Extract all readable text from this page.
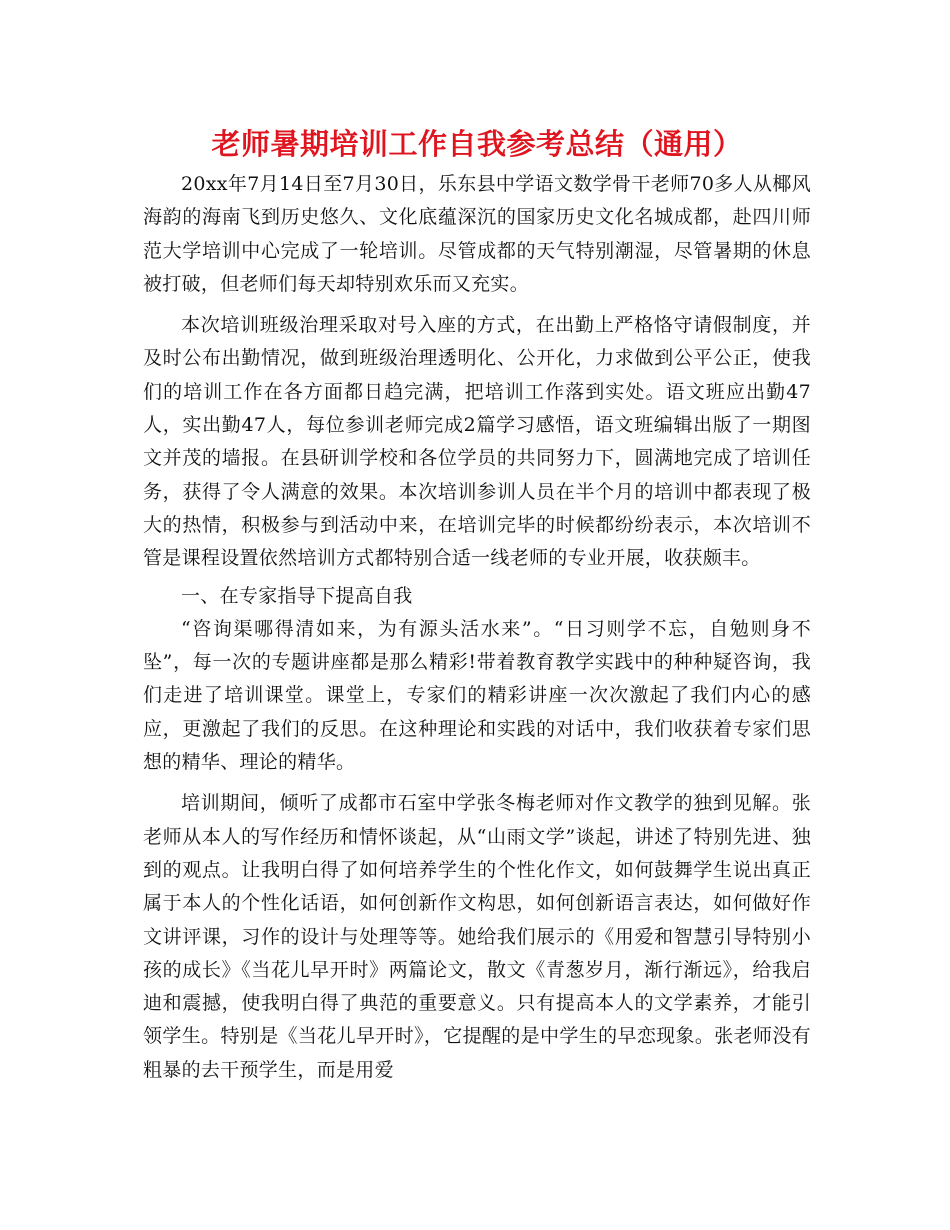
老师暑期培训工作自我参考总结（通用）

20xx年7月14日至7月30日，乐东县中学语文数学骨干老师70多人从椰风海韵的海南飞到历史悠久、文化底蕴深沉的国家历史文化名城成都，赴四川师范大学培训中心完成了一轮培训。尽管成都的天气特别潮湿，尽管暑期的休息被打破，但老师们每天却特别欢乐而又充实。

本次培训班级治理采取对号入座的方式，在出勤上严格恪守请假制度，并及时公布出勤情况，做到班级治理透明化、公开化，力求做到公平公正，使我们的培训工作在各方面都日趋完满，把培训工作落到实处。语文班应出勤47人，实出勤47人，每位参训老师完成2篇学习感悟，语文班编辑出版了一期图文并茂的墙报。在县研训学校和各位学员的共同努力下，圆满地完成了培训任务，获得了令人满意的效果。本次培训参训人员在半个月的培训中都表现了极大的热情，积极参与到活动中来，在培训完毕的时候都纷纷表示，本次培训不管是课程设置依然培训方式都特别合适一线老师的专业开展，收获颇丰。

一、在专家指导下提高自我

“咨询渠哪得清如来，为有源头活水来”。“日习则学不忘，自勉则身不坠”，每一次的专题讲座都是那么精彩!带着教育教学实践中的种种疑咨询，我们走进了培训课堂。课堂上，专家们的精彩讲座一次次激起了我们内心的感应，更激起了我们的反思。在这种理论和实践的对话中，我们收获着专家们思想的精华、理论的精华。

培训期间，倾听了成都市石室中学张冬梅老师对作文教学的独到见解。张老师从本人的写作经历和情怀谈起，从“山雨文学”谈起，讲述了特别先进、独到的观点。让我明白得了如何培养学生的个性化作文，如何鼓舞学生说出真正属于本人的个性化话语，如何创新作文构思，如何创新语言表达，如何做好作文讲评课，习作的设计与处理等等。她给我们展示的《用爱和智慧引导特别小孩的成长》《当花儿早开时》两篇论文，散文《青葱岁月，渐行渐远》，给我启迪和震撼，使我明白得了典范的重要意义。只有提高本人的文学素养，才能引领学生。特别是《当花儿早开时》，它提醒的是中学生的早恋现象。张老师没有粗暴的去干预学生，而是用爱
